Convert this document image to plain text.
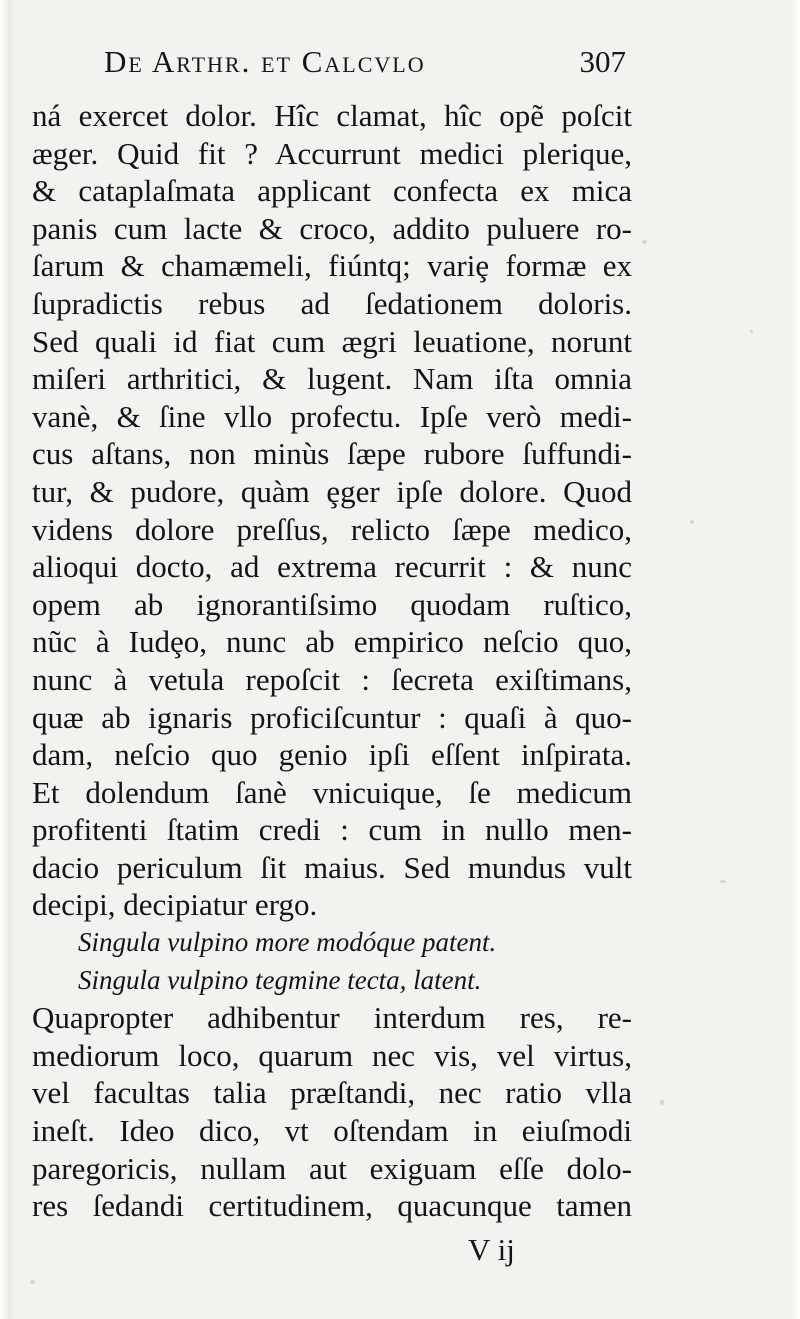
De Arthr. et Calcvlo	307
ná exercet dolor. Hîc clamat, hîc opẽ poſcit
æger. Quid fit ? Accurrunt medici plerique,
& cataplaſmata applicant confecta ex mica
panis cum lacte & croco, addito puluere ro-
ſarum & chamæmeli, fiúntq; variȩ formæ ex
ſupradictis rebus ad ſedationem doloris.
Sed quali id fiat cum ægri leuatione, norunt
miſeri arthritici, & lugent. Nam iſta omnia
vanè, & ſine vllo profectu. Ipſe verò medi-
cus aſtans, non minùs ſæpe rubore ſuffundi-
tur, & pudore, quàm ȩger ipſe dolore. Quod
videns dolore preſſus, relicto ſæpe medico,
alioqui docto, ad extrema recurrit : & nunc
opem ab ignorantiſsimo quodam ruſtico,
nũc à Iudȩo, nunc ab empirico neſcio quo,
nunc à vetula repoſcit : ſecreta exiſtimans,
quæ ab ignaris proficiſcuntur : quaſi à quo-
dam, neſcio quo genio ipſi eſſent inſpirata.
Et dolendum ſanè vnicuique, ſe medicum
profitenti ſtatim credi : cum in nullo men-
dacio periculum ſit maius. Sed mundus vult
decipi, decipiatur ergo.
Singula vulpino more modóque patent.
Singula vulpino tegmine tecta, latent.
Quapropter adhibentur interdum res, re-
mediorum loco, quarum nec vis, vel virtus,
vel facultas talia præſtandi, nec ratio vlla
ineſt. Ideo dico, vt oſtendam in eiuſmodi
paregoricis, nullam aut exiguam eſſe dolo-
res ſedandi certitudinem, quacunque tamen
V ij
